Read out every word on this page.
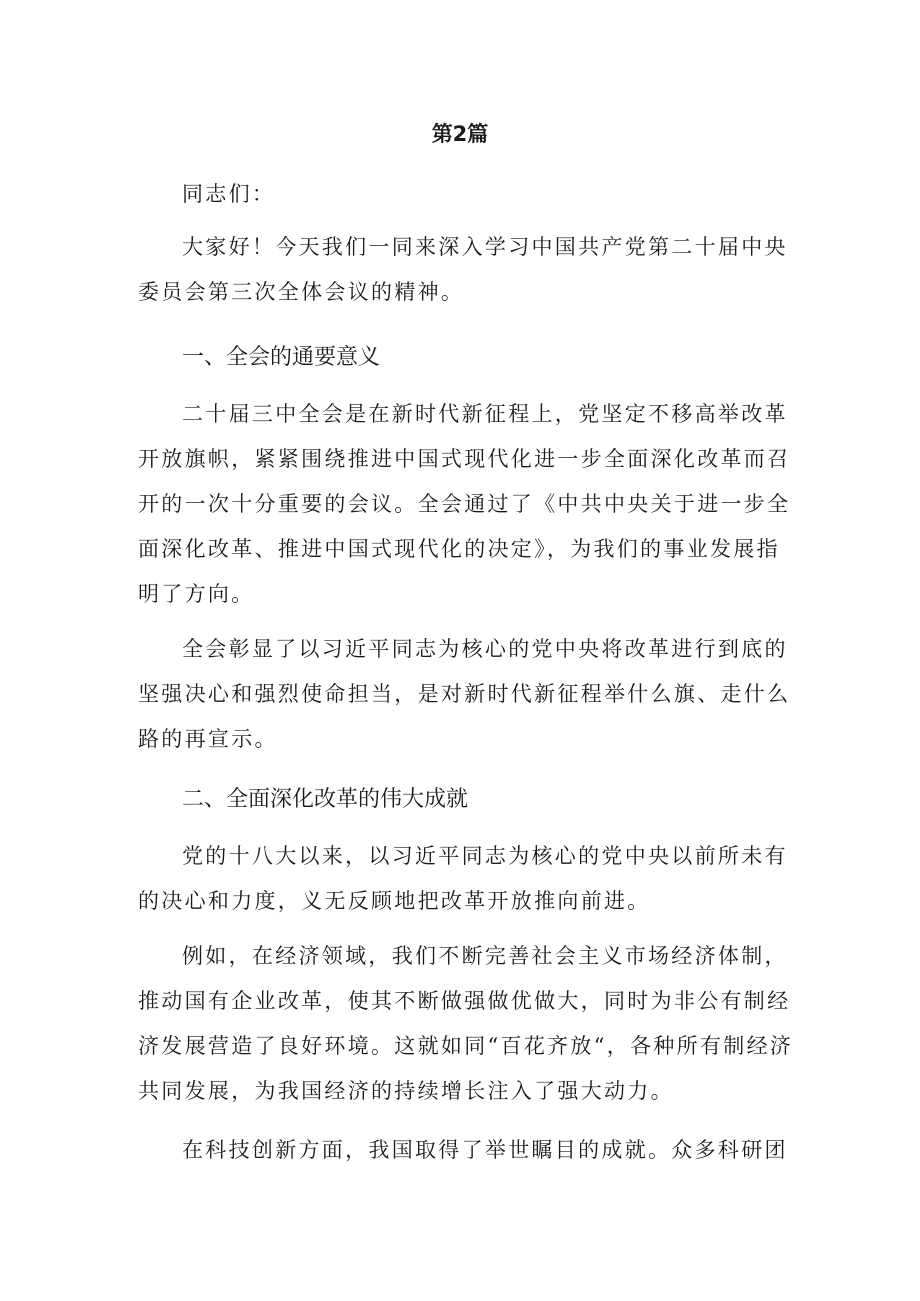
第2篇

同志们：

大家好！今天我们一同来深入学习中国共产党第二十届中央委员会第三次全体会议的精神。

一、全会的通要意义

二十届三中全会是在新时代新征程上，党坚定不移高举改革开放旗帜，紧紧围绕推进中国式现代化进一步全面深化改革而召开的一次十分重要的会议。全会通过了《中共中央关于进一步全面深化改革、推进中国式现代化的决定》，为我们的事业发展指明了方向。

全会彰显了以习近平同志为核心的党中央将改革进行到底的坚强决心和强烈使命担当，是对新时代新征程举什么旗、走什么路的再宣示。

二、全面深化改革的伟大成就

党的十八大以来，以习近平同志为核心的党中央以前所未有的决心和力度，义无反顾地把改革开放推向前进。

例如，在经济领域，我们不断完善社会主义市场经济体制，推动国有企业改革，使其不断做强做优做大，同时为非公有制经济发展营造了良好环境。这就如同“百花齐放“，各种所有制经济共同发展，为我国经济的持续增长注入了强大动力。

在科技创新方面，我国取得了举世瞩目的成就。众多科研团
